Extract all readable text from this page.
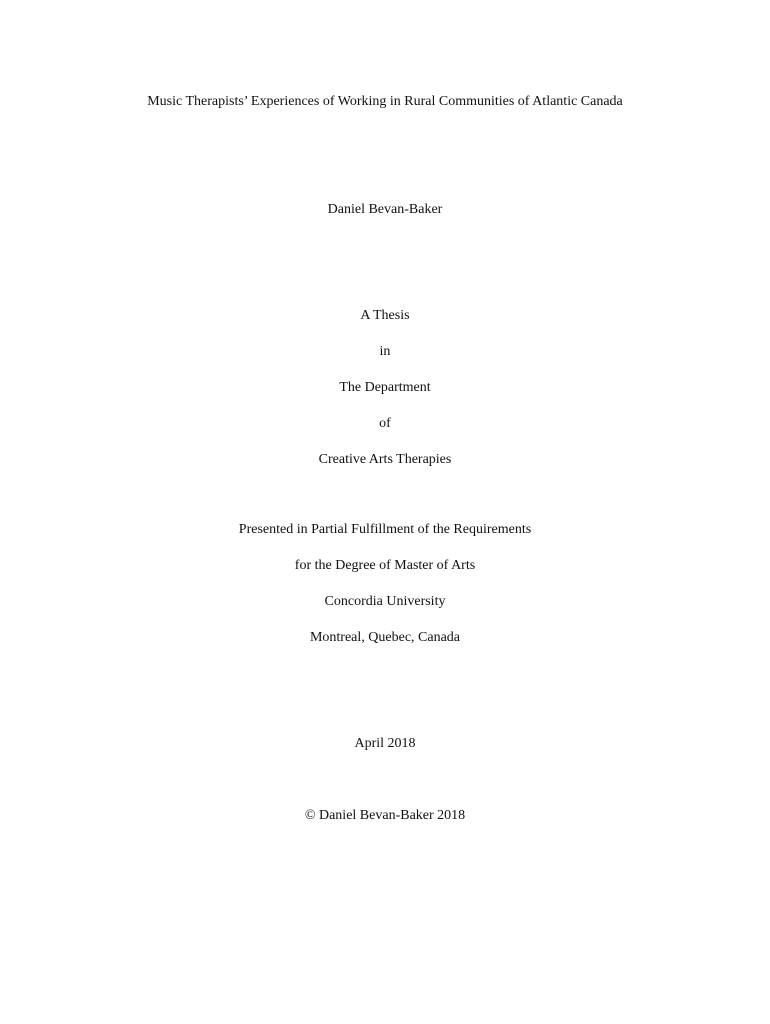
Music Therapists’ Experiences of Working in Rural Communities of Atlantic Canada
Daniel Bevan-Baker
A Thesis
in
The Department
of
Creative Arts Therapies
Presented in Partial Fulfillment of the Requirements
for the Degree of Master of Arts
Concordia University
Montreal, Quebec, Canada
April 2018
© Daniel Bevan-Baker 2018
